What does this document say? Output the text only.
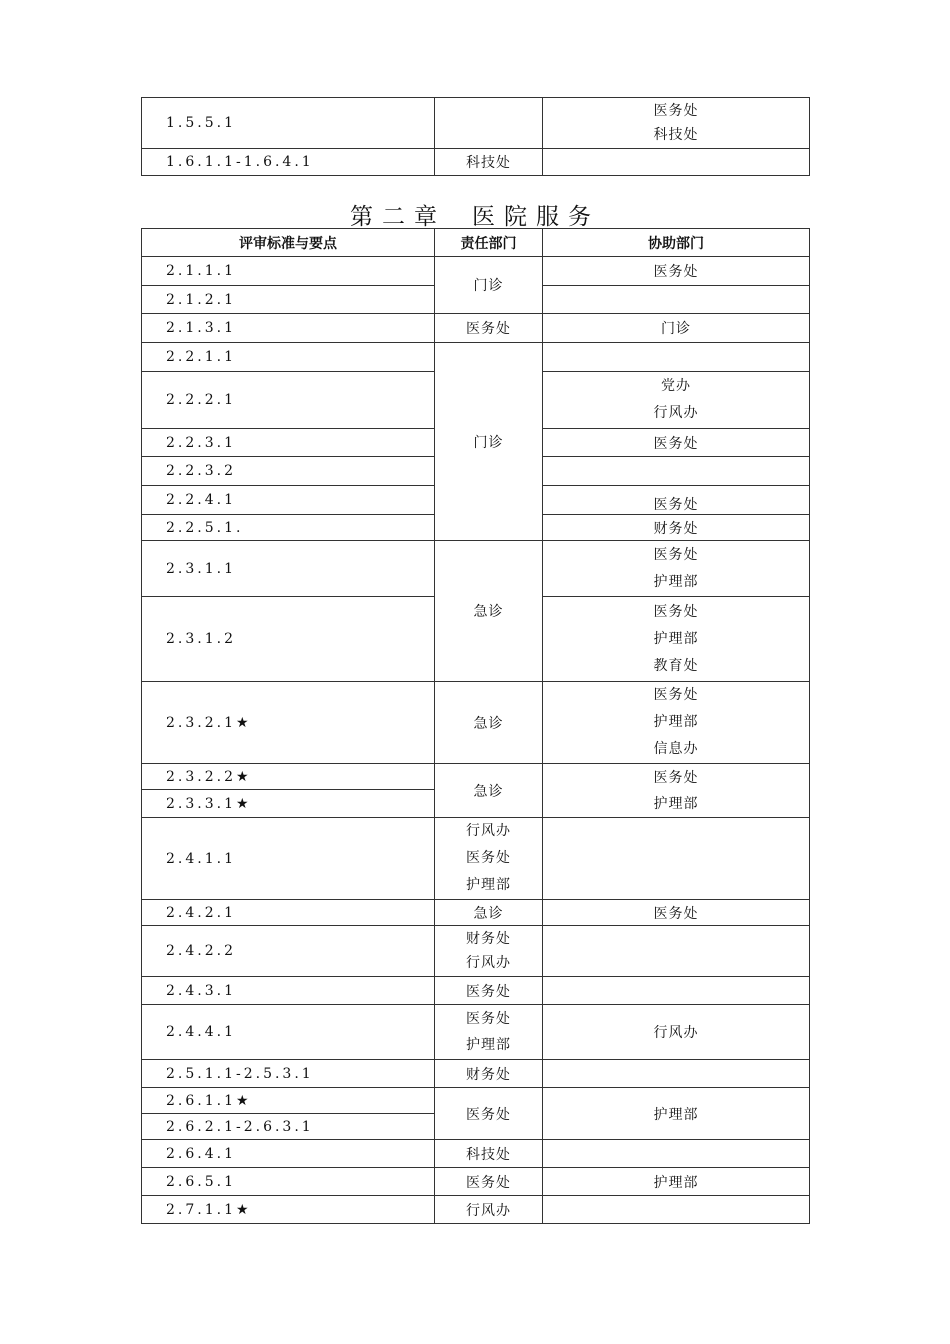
1.5.5.1		医务处
科技处

1.6.1.1-1.6.4.1	科技处	
第二章 医院服务
评审标准与要点	责任部门	协助部门
2.1.1.1	门诊	医务处
2.1.2.1		
2.1.3.1	医务处	门诊
2.2.1.1	门诊	
2.2.2.1		党办
行风办

2.2.3.1		医务处
2.2.3.2		
2.2.4.1		医务处
2.2.5.1.		财务处
2.3.1.1	急诊	医务处
护理部

2.3.1.2		医务处
护理部
教育处

2.3.2.1★	急诊	医务处
护理部
信息办

2.3.2.2★	急诊	医务处
护理部

2.3.3.1★		
2.4.1.1	行风办
医务处
护理部	

2.4.2.1	急诊	医务处
2.4.2.2	财务处
行风办	

2.4.3.1	医务处	
2.4.4.1	医务处
护理部	行风办
2.5.1.1-2.5.3.1	财务处	
2.6.1.1★	医务处	护理部
2.6.2.1-2.6.3.1		
2.6.4.1	科技处	
2.6.5.1	医务处	护理部
2.7.1.1★	行风办	
